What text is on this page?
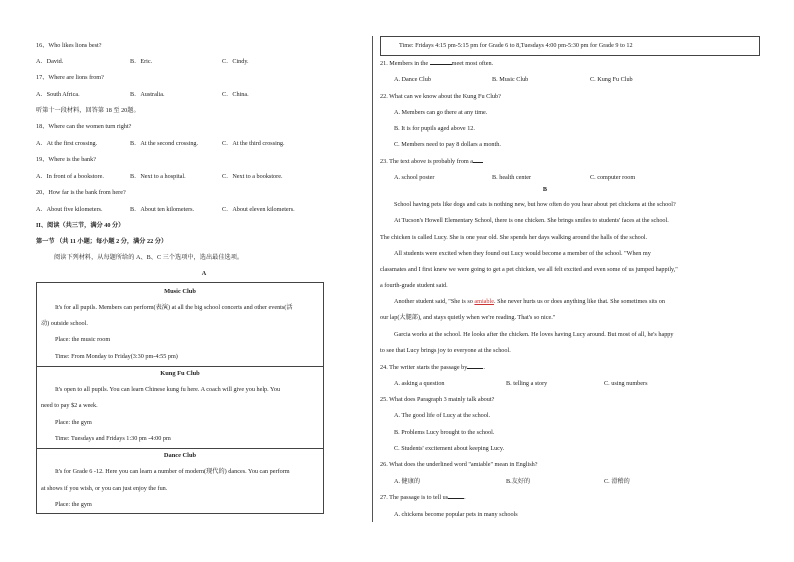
16、Who likes lions best?
A．David.	B．Eric.	C．Cindy.
17、Where are lions from?
A．South Africa.	B．Australia.	C．China.
听第十一段材料，回答第 18 至 20题。
18、Where can the women turn right?
A．At the first crossing.	B．At the second crossing.	C．At the third crossing.
19、Where is the bank?
A．In front of a bookstore.	B．Next to a hospital.	C．Next to a bookstore.
20、How far is the bank from here?
A．About five kilometers.	B．About ten kilometers.	C．About eleven kilometers.
II、阅读（共三节，满分 40 分）
第一节 （共 11 小题；每小题 2 分，满分 22 分）
阅读下列材料，从每题所给的 A、B、C 三个选项中，选出最佳选项。
A
Music Club
It's for all pupils. Members can perform(表演) at all the big school concerts and other events(活
动) outside school.
Place: the music room
Time: From Monday to Friday(3:30 pm-4:55 pm)
Kung Fu Club
It's open to all pupils. You can learn Chinese kung fu here. A coach will give you help. You
need to pay $2 a week.
Place: the gym
Time: Tuesdays and Fridays 1:30 pm -4:00 pm
Dance Club
It's for Grade 6 -12. Here you can learn a number of modern(现代的) dances. You can perform
at shows if you wish, or you can just enjoy the fun.
Place: the gym
Time: Fridays 4:15 pm-5:15 pm for Grade 6 to 8,Tuesdays 4:00 pm-5:30 pm for Grade 9 to 12
21. Members in the	meet most often.
A. Dance Club	B. Music Club	C. Kung Fu Club
22. What can we know about the Kung Fu Club?
A. Members can go there at any time.
B. It is for pupils aged above 12.
C. Members need to pay 8 dollars a month.
23. The text above is probably from a
A. school poster	B. health center	C. computer room
B
School having pets like dogs and cats is nothing new, but how often do you hear about pet chickens at the school?
At Tucson's Howell Elementary School, there is one chicken. She brings smiles to students' faces at the school.
The chicken is called Lucy. She is one year old. She spends her days walking around the halls of the school.
All students were excited when they found out Lucy would become a member of the school. "When my
classmates and I first knew we were going to get a pet chicken, we all felt excited and even some of us jumped happily,"
a fourth-grade student said.
Another student said, "She is so amiable. She never hurts us or does anything like that. She sometimes sits on
our lap(大腿部), and stays quietly when we're reading. That's so nice."
Garcia works at the school. He looks after the chicken. He loves having Lucy around. But most of all, he's happy
to see that Lucy brings joy to everyone at the school.
24. The writer starts the passage by	.
A. asking a question	B. telling a story	C. using numbers
25. What does Paragraph 3 mainly talk about?
A. The good life of Lucy at the school.
B. Problems Lucy brought to the school.
C. Students' excitement about keeping Lucy.
26. What does the underlined word "amiable" mean in English?
A. 健康的	B.友好的	C. 滑稽的
27. The passage is to tell us	.
A. chickens become popular pets in many schools
